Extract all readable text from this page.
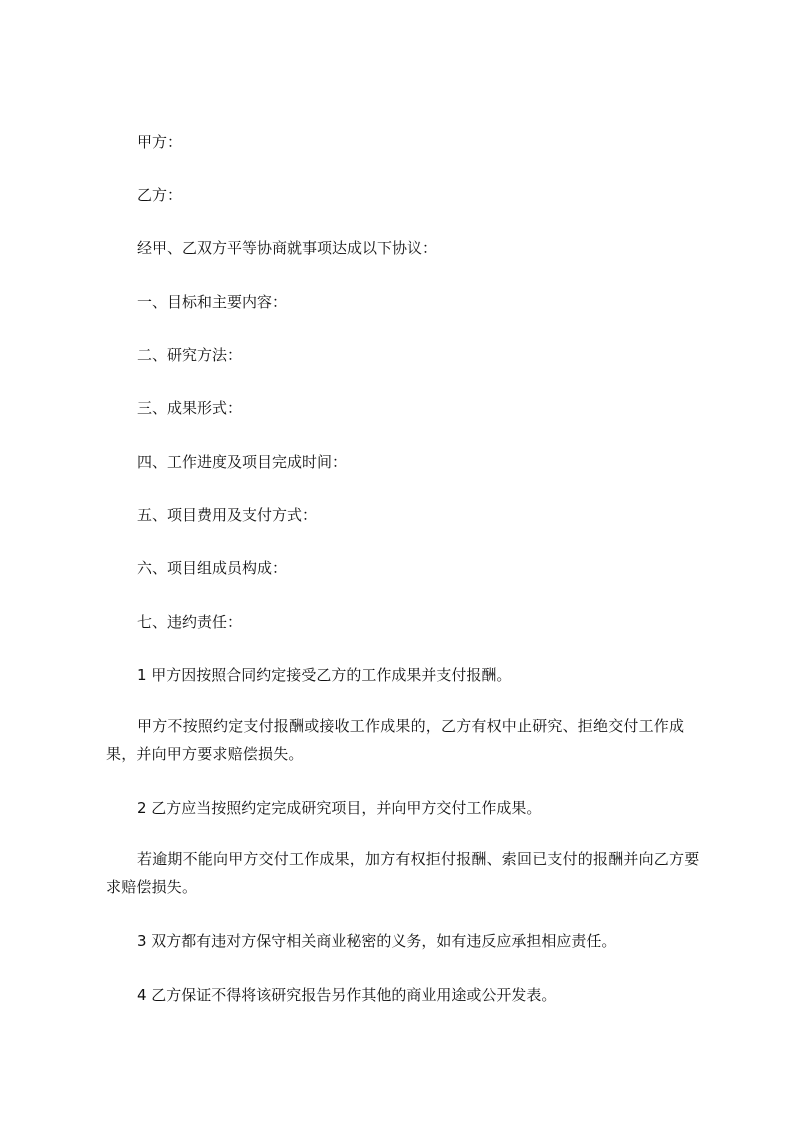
甲方：

乙方：

经甲、乙双方平等协商就事项达成以下协议：

一、目标和主要内容：

二、研究方法：

三、成果形式：

四、工作进度及项目完成时间：

五、项目费用及支付方式：

六、项目组成员构成：

七、违约责任：

1 甲方因按照合同约定接受乙方的工作成果并支付报酬。

甲方不按照约定支付报酬或接收工作成果的，乙方有权中止研究、拒绝交付工作成果，并向甲方要求赔偿损失。

2 乙方应当按照约定完成研究项目，并向甲方交付工作成果。

若逾期不能向甲方交付工作成果，加方有权拒付报酬、索回已支付的报酬并向乙方要求赔偿损失。

3 双方都有违对方保守相关商业秘密的义务，如有违反应承担相应责任。

4 乙方保证不得将该研究报告另作其他的商业用途或公开发表。
